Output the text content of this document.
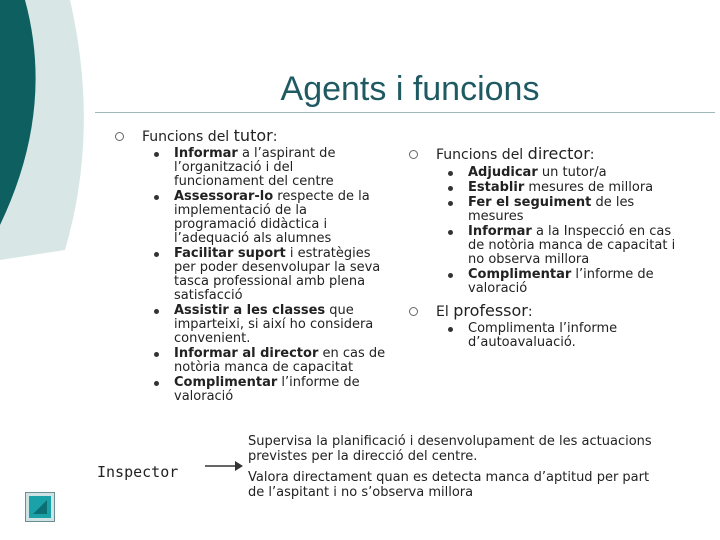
Agents i funcions
Funcions del tutor:
Informar a l’aspirant de l’organització i del funcionament del centre
Assessorar-lo respecte de la implementació de la programació didàctica i l’adequació als alumnes
Facilitar suport i estratègies per poder desenvolupar la seva tasca professional amb plena satisfacció
Assistir a les classes que imparteixi, si així ho considera convenient.
Informar al director en cas de notòria manca de capacitat
Complimentar l’informe de valoració
Funcions del director:
Adjudicar un tutor/a
Establir mesures de millora
Fer el seguiment de les mesures
Informar a la Inspecció en cas de notòria manca de capacitat i no observa millora
Complimentar l’informe de valoració
El professor:
Complimenta l’informe d’autoavaluació.
Inspector

Supervisa la planificació i desenvolupament de les actuacions previstes per la direcció del centre.

Valora directament quan es detecta manca d’aptitud per part de l’aspitant i no s’observa millora
